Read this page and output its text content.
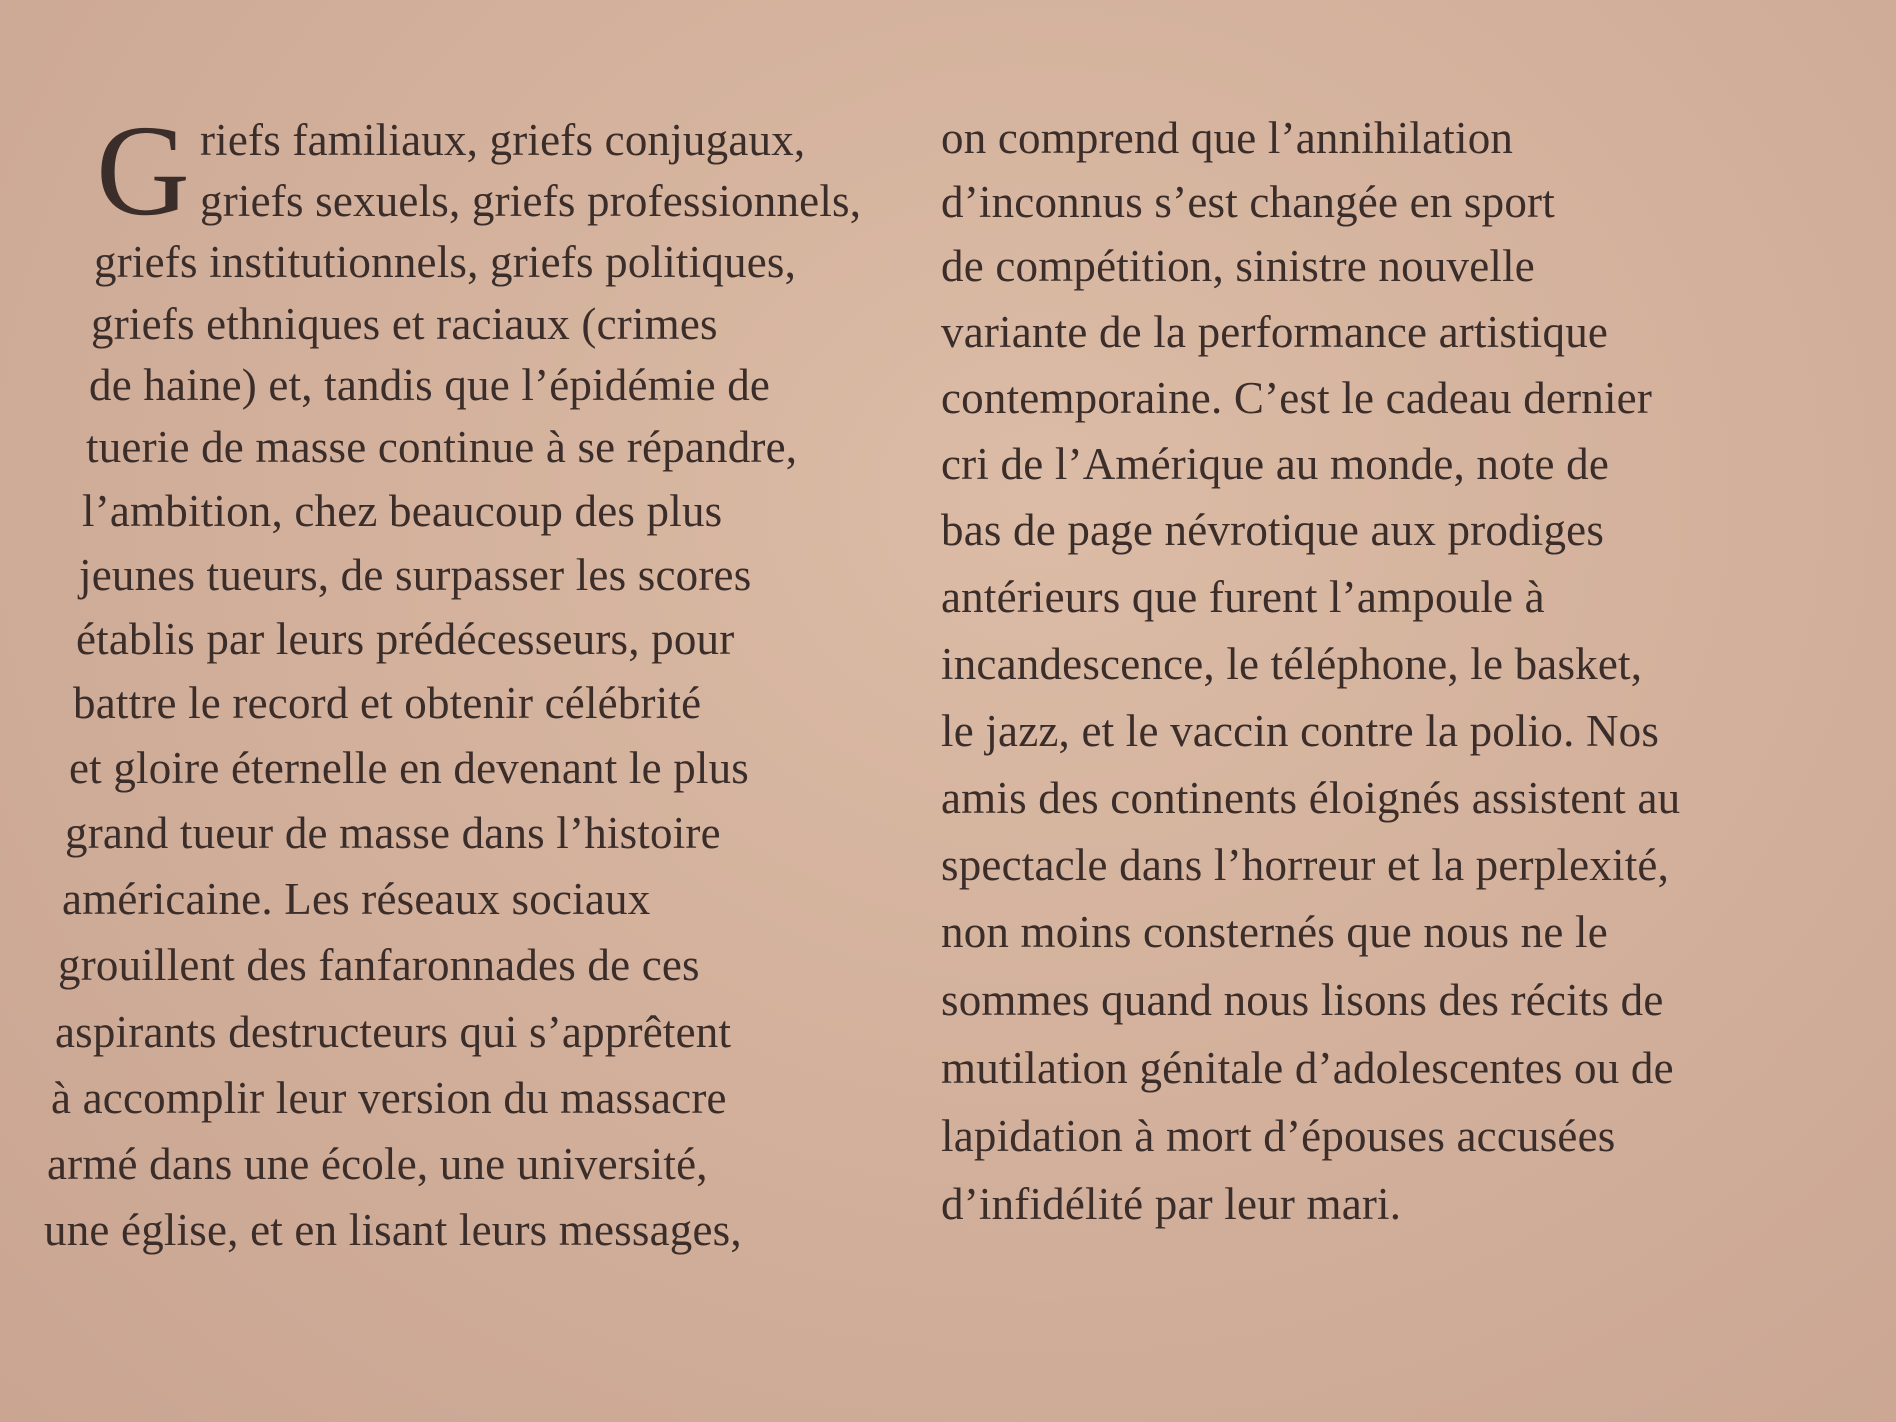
G riefs familiaux, griefs conjugaux,
griefs sexuels, griefs professionnels,
griefs institutionnels, griefs politiques,
griefs ethniques et raciaux (crimes
de haine) et, tandis que l’épidémie de
tuerie de masse continue à se répandre,
l’ambition, chez beaucoup des plus
jeunes tueurs, de surpasser les scores
établis par leurs prédécesseurs, pour
battre le record et obtenir célébrité
et gloire éternelle en devenant le plus
grand tueur de masse dans l’histoire
américaine. Les réseaux sociaux
grouillent des fanfaronnades de ces
aspirants destructeurs qui s’apprêtent
à accomplir leur version du massacre
armé dans une école, une université,
une église, et en lisant leurs messages,
on comprend que l’annihilation
d’inconnus s’est changée en sport
de compétition, sinistre nouvelle
variante de la performance artistique
contemporaine. C’est le cadeau dernier
cri de l’Amérique au monde, note de
bas de page névrotique aux prodiges
antérieurs que furent l’ampoule à
incandescence, le téléphone, le basket,
le jazz, et le vaccin contre la polio. Nos
amis des continents éloignés assistent au
spectacle dans l’horreur et la perplexité,
non moins consternés que nous ne le
sommes quand nous lisons des récits de
mutilation génitale d’adolescentes ou de
lapidation à mort d’épouses accusées
d’infidélité par leur mari.
